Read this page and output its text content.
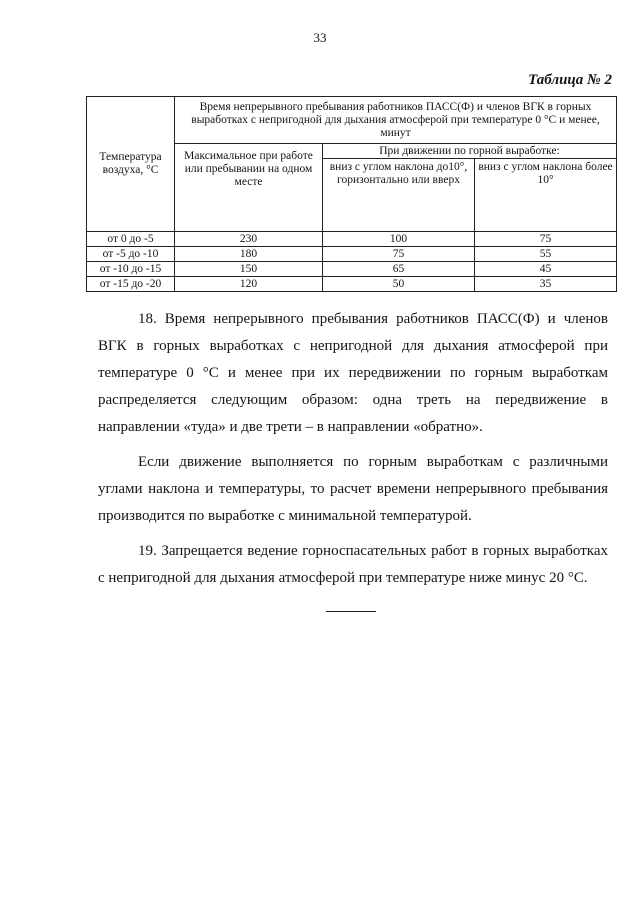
33
Таблица № 2
Температура воздуха, °С	Время непрерывного пребывания работников ПАСС(Ф) и членов ВГК в горных выработках с непригодной для дыхания атмосферой при температуре 0 °С и менее, минут		
	Максимальное при работе или пребывании на одном месте	При движении по горной выработке:	
		вниз с углом наклона до10°, горизонтально или вверх	вниз с углом наклона более 10°
от 0 до -5	230	100	75
от -5 до -10	180	75	55
от -10 до -15	150	65	45
от -15 до -20	120	50	35

18. Время непрерывного пребывания работников ПАСС(Ф) и членов ВГК в горных выработках с непригодной для дыхания атмосферой при температуре 0 °С и менее при их передвижении по горным выработкам распределяется следующим образом: одна треть на передвижение в направлении «туда» и две трети – в направлении «обратно».

Если движение выполняется по горным выработкам с различными углами наклона и температуры, то расчет времени непрерывного пребывания производится по выработке с минимальной температурой.

19. Запрещается ведение горноспасательных работ в горных выработках с непригодной для дыхания атмосферой при температуре ниже минус 20 °С.
